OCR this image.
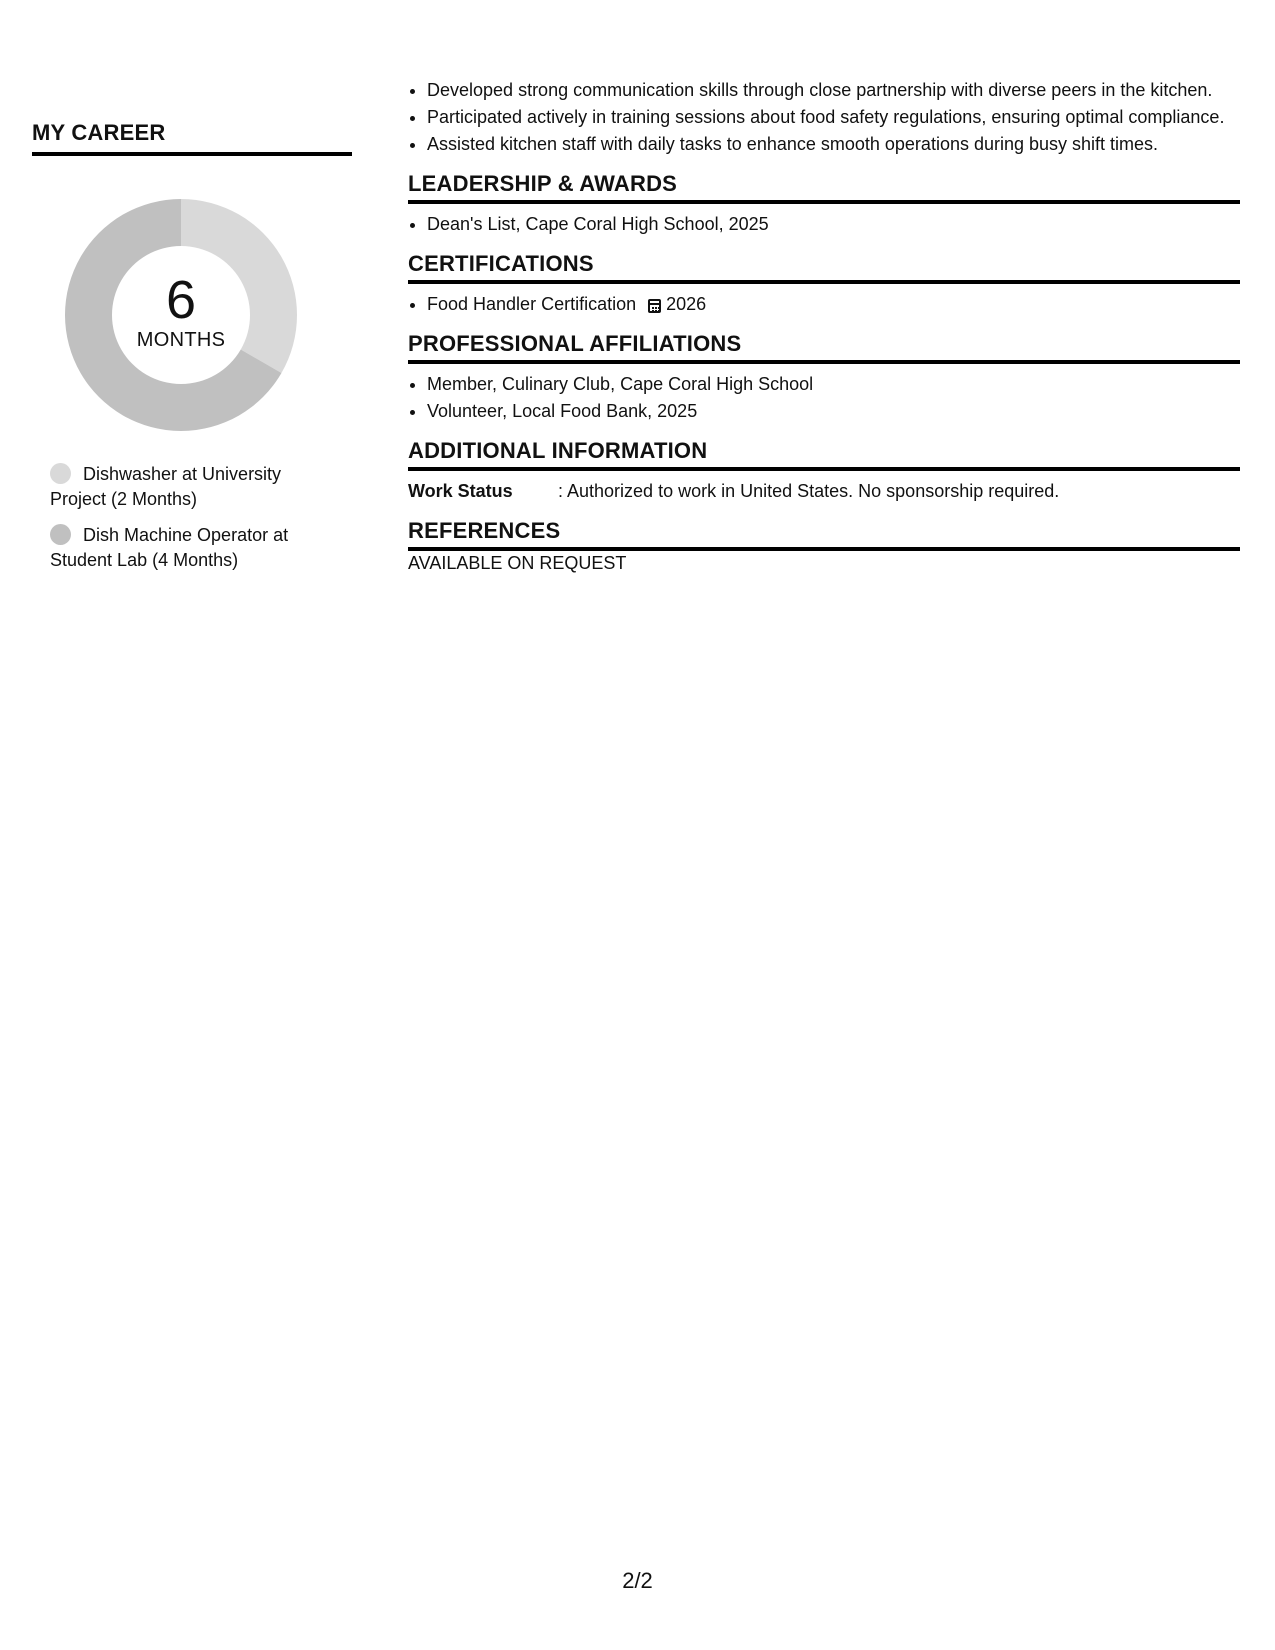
MY CAREER
6
MONTHS
Dishwasher at University Project (2 Months)
Dish Machine Operator at Student Lab (4 Months)
• Developed strong communication skills through close partnership with diverse peers in the kitchen.
• Participated actively in training sessions about food safety regulations, ensuring optimal compliance.
• Assisted kitchen staff with daily tasks to enhance smooth operations during busy shift times.
LEADERSHIP & AWARDS
• Dean's List, Cape Coral High School, 2025
CERTIFICATIONS
• Food Handler Certification 2026
PROFESSIONAL AFFILIATIONS
• Member, Culinary Club, Cape Coral High School
• Volunteer, Local Food Bank, 2025
ADDITIONAL INFORMATION
Work Status	: Authorized to work in United States. No sponsorship required.
REFERENCES

AVAILABLE ON REQUEST

2/2
